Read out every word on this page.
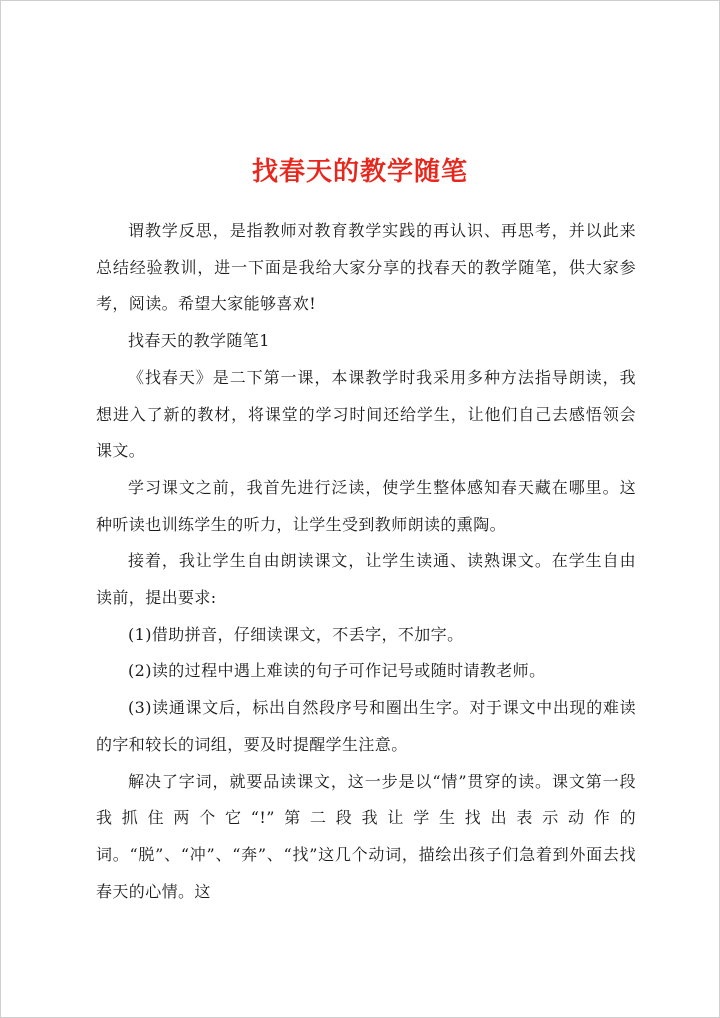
找春天的教学随笔

谓教学反思，是指教师对教育教学实践的再认识、再思考，并以此来总结经验教训，进一下面是我给大家分享的找春天的教学随笔，供大家参考，阅读。希望大家能够喜欢!

找春天的教学随笔1

《找春天》是二下第一课，本课教学时我采用多种方法指导朗读，我想进入了新的教材，将课堂的学习时间还给学生，让他们自己去感悟领会课文。

学习课文之前，我首先进行泛读，使学生整体感知春天藏在哪里。这种听读也训练学生的听力，让学生受到教师朗读的熏陶。

接着，我让学生自由朗读课文，让学生读通、读熟课文。在学生自由读前，提出要求:

(1)借助拼音，仔细读课文，不丢字，不加字。

(2)读的过程中遇上难读的句子可作记号或随时请教老师。

(3)读通课文后，标出自然段序号和圈出生字。对于课文中出现的难读的字和较长的词组，要及时提醒学生注意。

解决了字词，就要品读课文，这一步是以“情”贯穿的读。课文第一段我抓住两个它“!”第二段我让学生找出表示动作的词。“脱”、“冲”、“奔”、“找”这几个动词，描绘出孩子们急着到外面去找春天的心情。这
